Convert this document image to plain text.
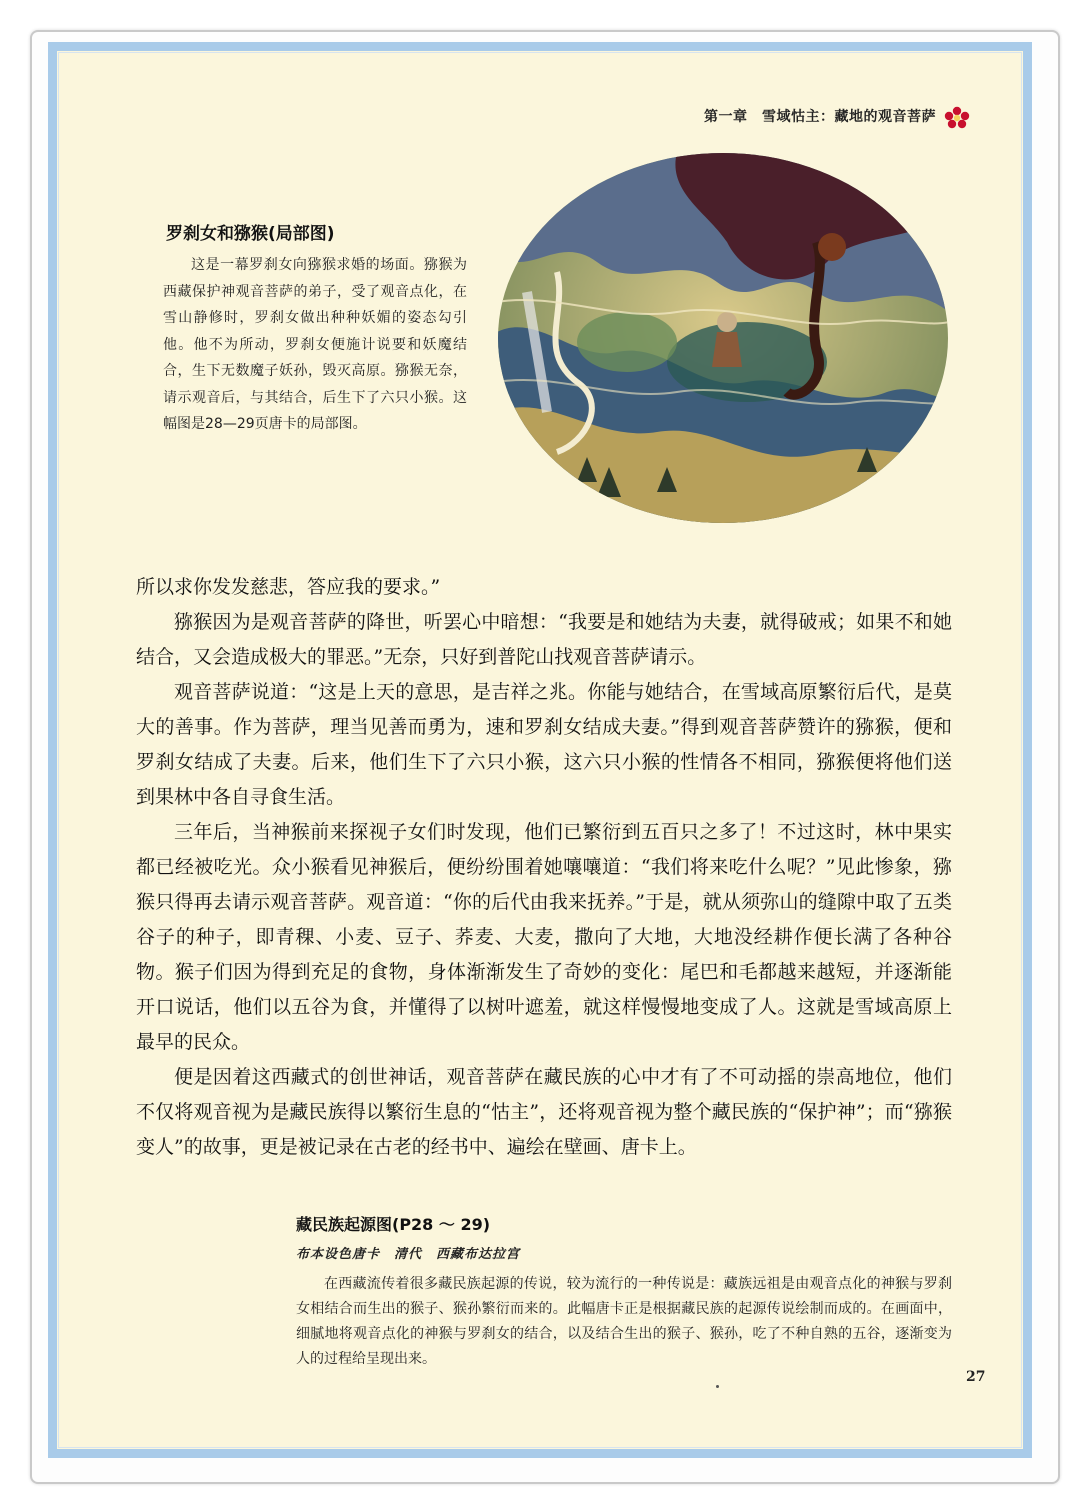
第一章　雪域怙主：藏地的观音菩萨
罗刹女和猕猴(局部图)
这是一幕罗刹女向猕猴求婚的场面。猕猴为西藏保护神观音菩萨的弟子，受了观音点化，在雪山静修时，罗刹女做出种种妖媚的姿态勾引他。他不为所动，罗刹女便施计说要和妖魔结合，生下无数魔子妖孙，毁灭高原。猕猴无奈，请示观音后，与其结合，后生下了六只小猴。这幅图是28—29页唐卡的局部图。

所以求你发发慈悲，答应我的要求。”

猕猴因为是观音菩萨的降世，听罢心中暗想：“我要是和她结为夫妻，就得破戒；如果不和她结合，又会造成极大的罪恶。”无奈，只好到普陀山找观音菩萨请示。

观音菩萨说道：“这是上天的意思，是吉祥之兆。你能与她结合，在雪域高原繁衍后代，是莫大的善事。作为菩萨，理当见善而勇为，速和罗刹女结成夫妻。”得到观音菩萨赞许的猕猴，便和罗刹女结成了夫妻。后来，他们生下了六只小猴，这六只小猴的性情各不相同，猕猴便将他们送到果林中各自寻食生活。

三年后，当神猴前来探视子女们时发现，他们已繁衍到五百只之多了！不过这时，林中果实都已经被吃光。众小猴看见神猴后，便纷纷围着她嚷嚷道：“我们将来吃什么呢？”见此惨象，猕猴只得再去请示观音菩萨。观音道：“你的后代由我来抚养。”于是，就从须弥山的缝隙中取了五类谷子的种子，即青稞、小麦、豆子、荞麦、大麦，撒向了大地，大地没经耕作便长满了各种谷物。猴子们因为得到充足的食物，身体渐渐发生了奇妙的变化：尾巴和毛都越来越短，并逐渐能开口说话，他们以五谷为食，并懂得了以树叶遮羞，就这样慢慢地变成了人。这就是雪域高原上最早的民众。

便是因着这西藏式的创世神话，观音菩萨在藏民族的心中才有了不可动摇的崇高地位，他们不仅将观音视为是藏民族得以繁衍生息的“怙主”，还将观音视为整个藏民族的“保护神”；而“猕猴变人”的故事，更是被记录在古老的经书中、遍绘在壁画、唐卡上。

藏民族起源图(P28 ～ 29)
布本设色唐卡　清代　西藏布达拉宫
在西藏流传着很多藏民族起源的传说，较为流行的一种传说是：藏族远祖是由观音点化的神猴与罗刹女相结合而生出的猴子、猴孙繁衍而来的。此幅唐卡正是根据藏民族的起源传说绘制而成的。在画面中，细腻地将观音点化的神猴与罗刹女的结合，以及结合生出的猴子、猴孙，吃了不种自熟的五谷，逐渐变为人的过程给呈现出来。
27
